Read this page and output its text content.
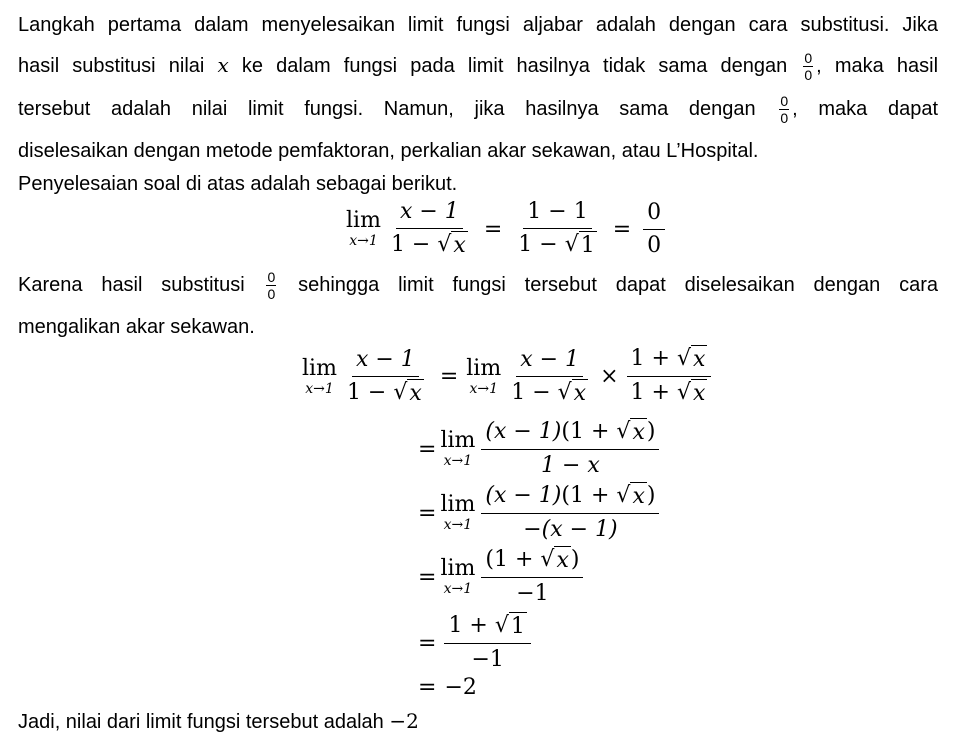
Langkah pertama dalam menyelesaikan limit fungsi aljabar adalah dengan cara substitusi. Jika
hasil substitusi nilai x ke dalam fungsi pada limit hasilnya tidak sama dengan $\frac{0}{0}$ , maka hasil
tersebut adalah nilai limit fungsi. Namun, jika hasilnya sama dengan $\frac{0}{0}$ , maka dapat
diselesaikan dengan metode pemfaktoran, perkalian akar sekawan, atau L’Hospital.
Penyelesaian soal di atas adalah sebagai berikut.
lim
$x\to 1 \frac{x - 1}{1 - √ x} = \frac{1 - 1}{1 - √ 1} = \frac{0}{0}$
Karena hasil substitusi $\frac{0}{0}$ sehingga limit fungsi tersebut dapat diselesaikan dengan cara
mengalikan akar sekawan.
lim
$x\to 1 \frac{x - 1}{1 - √ x} = \lim$
$x\to 1 \frac{x - 1}{1 - √ x} \times \frac{1 + √ x}{1 + √ x}$
= lim
$x\to 1 \frac{(x - 1)(1 + √ x )}{1 - x}$
= lim
$x\to 1 \frac{(x - 1)(1 + √ x )}{-(x - 1)}$
= lim
$x\to 1 \frac{(1 + √ x )}{-1}$
= $\frac{1 + √ 1}{-1}$
= −2
Jadi, nilai dari limit fungsi tersebut adalah −2
